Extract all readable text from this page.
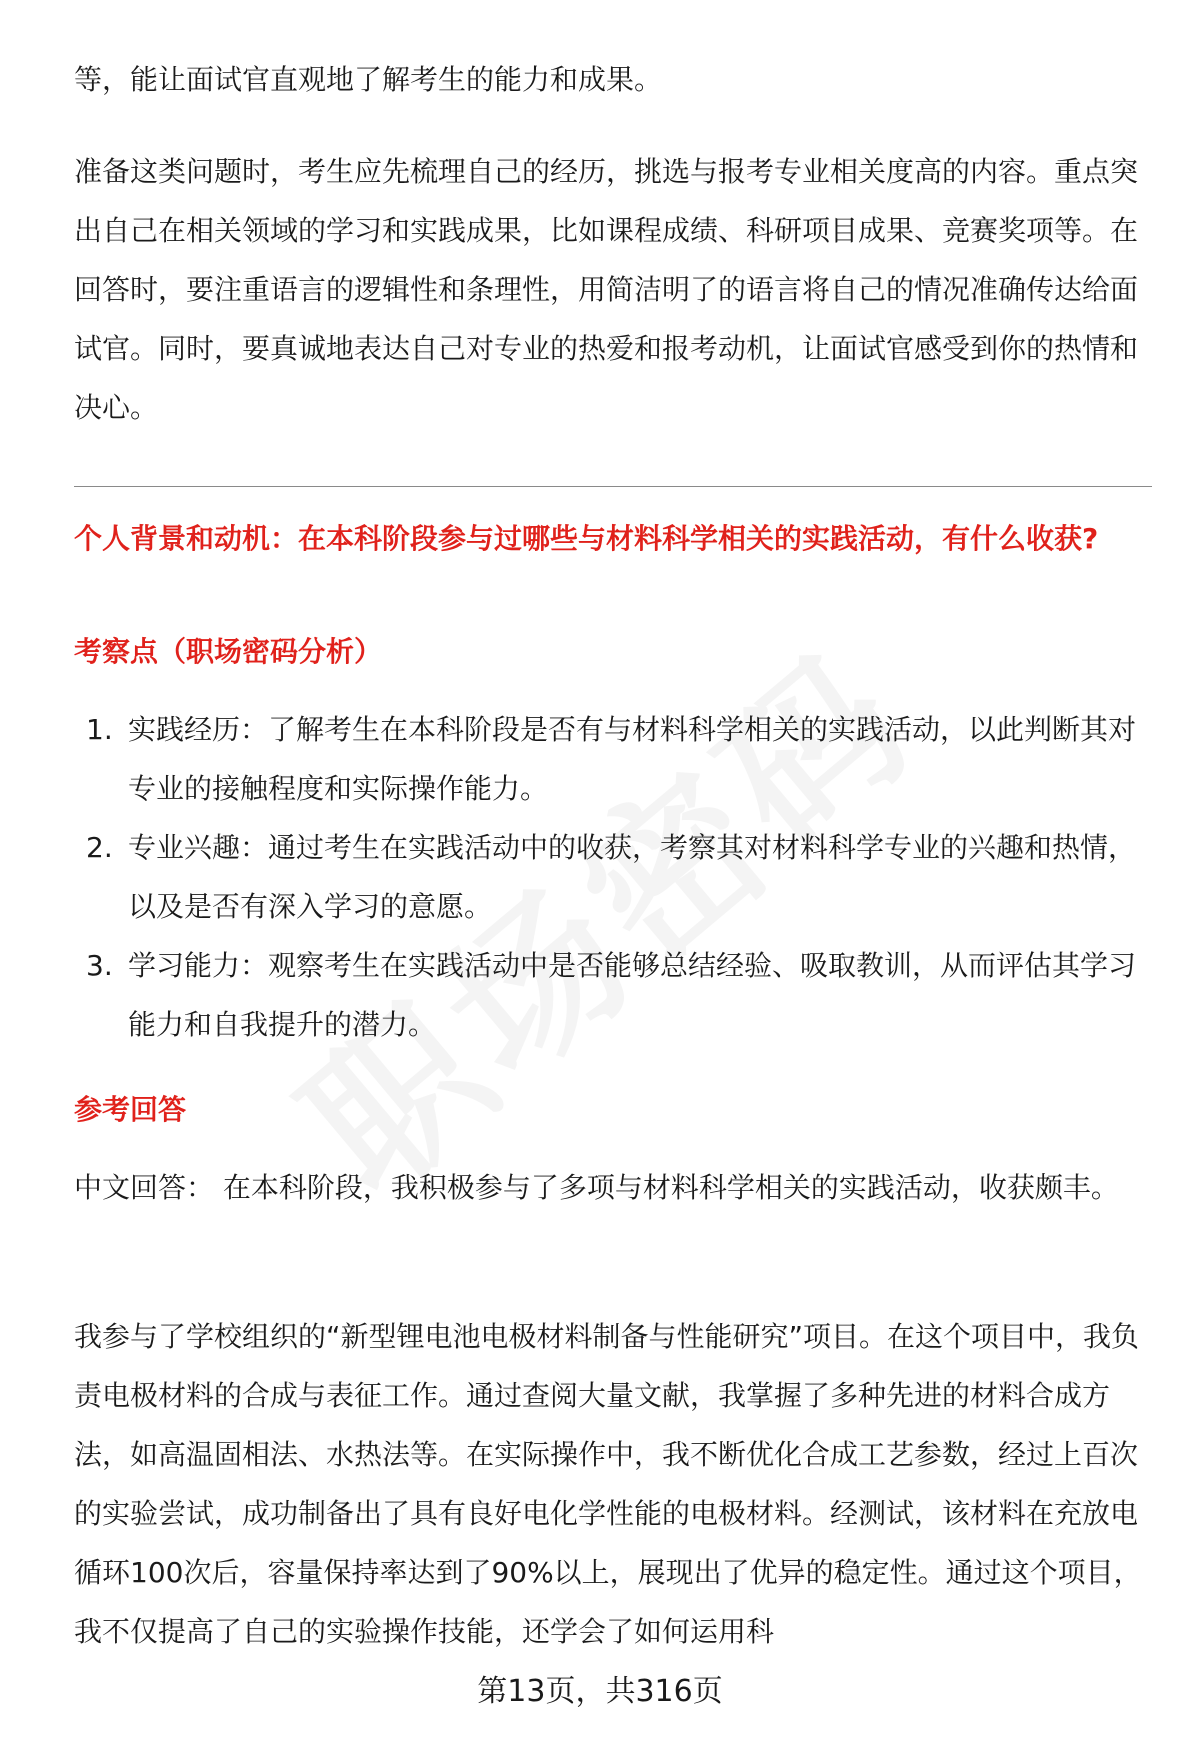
等，能让面试官直观地了解考生的能力和成果。

准备这类问题时，考生应先梳理自己的经历，挑选与报考专业相关度高的内容。重点突出自己在相关领域的学习和实践成果，比如课程成绩、科研项目成果、竞赛奖项等。在回答时，要注重语言的逻辑性和条理性，用简洁明了的语言将自己的情况准确传达给面试官。同时，要真诚地表达自己对专业的热爱和报考动机，让面试官感受到你的热情和决心。

个人背景和动机：在本科阶段参与过哪些与材料科学相关的实践活动，有什么收获?
考察点（职场密码分析）
1. 实践经历：了解考生在本科阶段是否有与材料科学相关的实践活动，以此判断其对专业的接触程度和实际操作能力。
2. 专业兴趣：通过考生在实践活动中的收获，考察其对材料科学专业的兴趣和热情，以及是否有深入学习的意愿。
3. 学习能力：观察考生在实践活动中是否能够总结经验、吸取教训，从而评估其学习能力和自我提升的潜力。
参考回答

中文回答： 在本科阶段，我积极参与了多项与材料科学相关的实践活动，收获颇丰。

我参与了学校组织的“新型锂电池电极材料制备与性能研究”项目。在这个项目中，我负责电极材料的合成与表征工作。通过查阅大量文献，我掌握了多种先进的材料合成方法，如高温固相法、水热法等。在实际操作中，我不断优化合成工艺参数，经过上百次的实验尝试，成功制备出了具有良好电化学性能的电极材料。经测试，该材料在充放电循环100次后，容量保持率达到了90%以上，展现出了优异的稳定性。通过这个项目，我不仅提高了自己的实验操作技能，还学会了如何运用科

第13页，共316页
